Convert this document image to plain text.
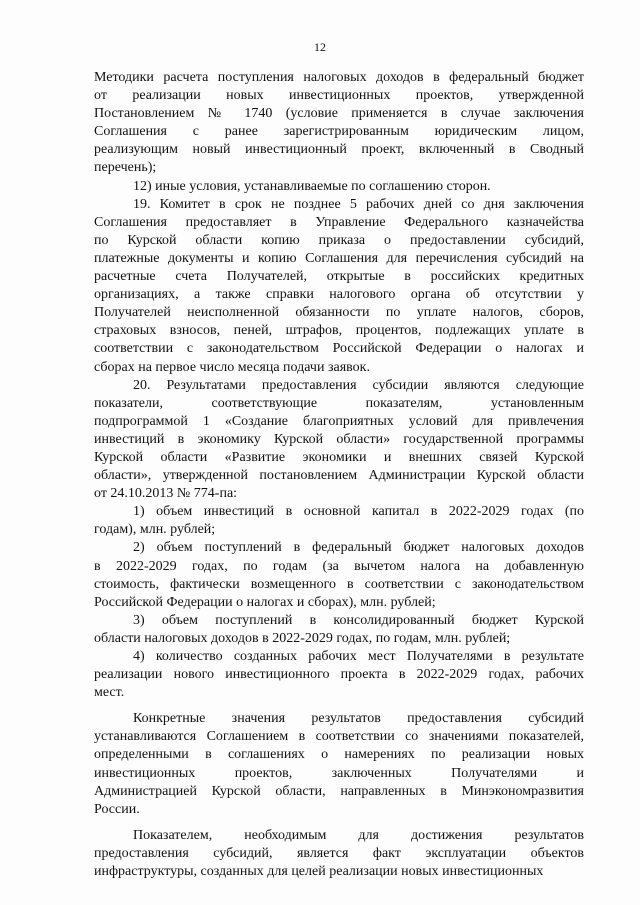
12

Методики расчета поступления налоговых доходов в федеральный бюджет
от реализации новых инвестиционных проектов, утвержденной
Постановлением № 1740 (условие применяется в случае заключения
Соглашения с ранее зарегистрированным юридическим лицом,
реализующим новый инвестиционный проект, включенный в Сводный
перечень);

12) иные условия, устанавливаемые по соглашению сторон.

19. Комитет в срок не позднее 5 рабочих дней со дня заключения
Соглашения предоставляет в Управление Федерального казначейства
по Курской области копию приказа о предоставлении субсидий,
платежные документы и копию Соглашения для перечисления субсидий на
расчетные счета Получателей, открытые в российских кредитных
организациях, а также справки налогового органа об отсутствии у
Получателей неисполненной обязанности по уплате налогов, сборов,
страховых взносов, пеней, штрафов, процентов, подлежащих уплате в
соответствии с законодательством Российской Федерации о налогах и
сборах на первое число месяца подачи заявок.

20. Результатами предоставления субсидии являются следующие
показатели, соответствующие показателям, установленным
подпрограммой 1 «Создание благоприятных условий для привлечения
инвестиций в экономику Курской области» государственной программы
Курской области «Развитие экономики и внешних связей Курской
области», утвержденной постановлением Администрации Курской области
от 24.10.2013 № 774-па:

1) объем инвестиций в основной капитал в 2022-2029 годах (по
годам), млн. рублей;

2) объем поступлений в федеральный бюджет налоговых доходов
в 2022-2029 годах, по годам (за вычетом налога на добавленную
стоимость, фактически возмещенного в соответствии с законодательством
Российской Федерации о налогах и сборах), млн. рублей;

3) объем поступлений в консолидированный бюджет Курской
области налоговых доходов в 2022-2029 годах, по годам, млн. рублей;

4) количество созданных рабочих мест Получателями в результате
реализации нового инвестиционного проекта в 2022-2029 годах, рабочих
мест.

Конкретные значения результатов предоставления субсидий
устанавливаются Соглашением в соответствии со значениями показателей,
определенными в соглашениях о намерениях по реализации новых
инвестиционных проектов, заключенных Получателями и
Администрацией Курской области, направленных в Минэкономразвития
России.

Показателем, необходимым для достижения результатов
предоставления субсидий, является факт эксплуатации объектов
инфраструктуры, созданных для целей реализации новых инвестиционных
